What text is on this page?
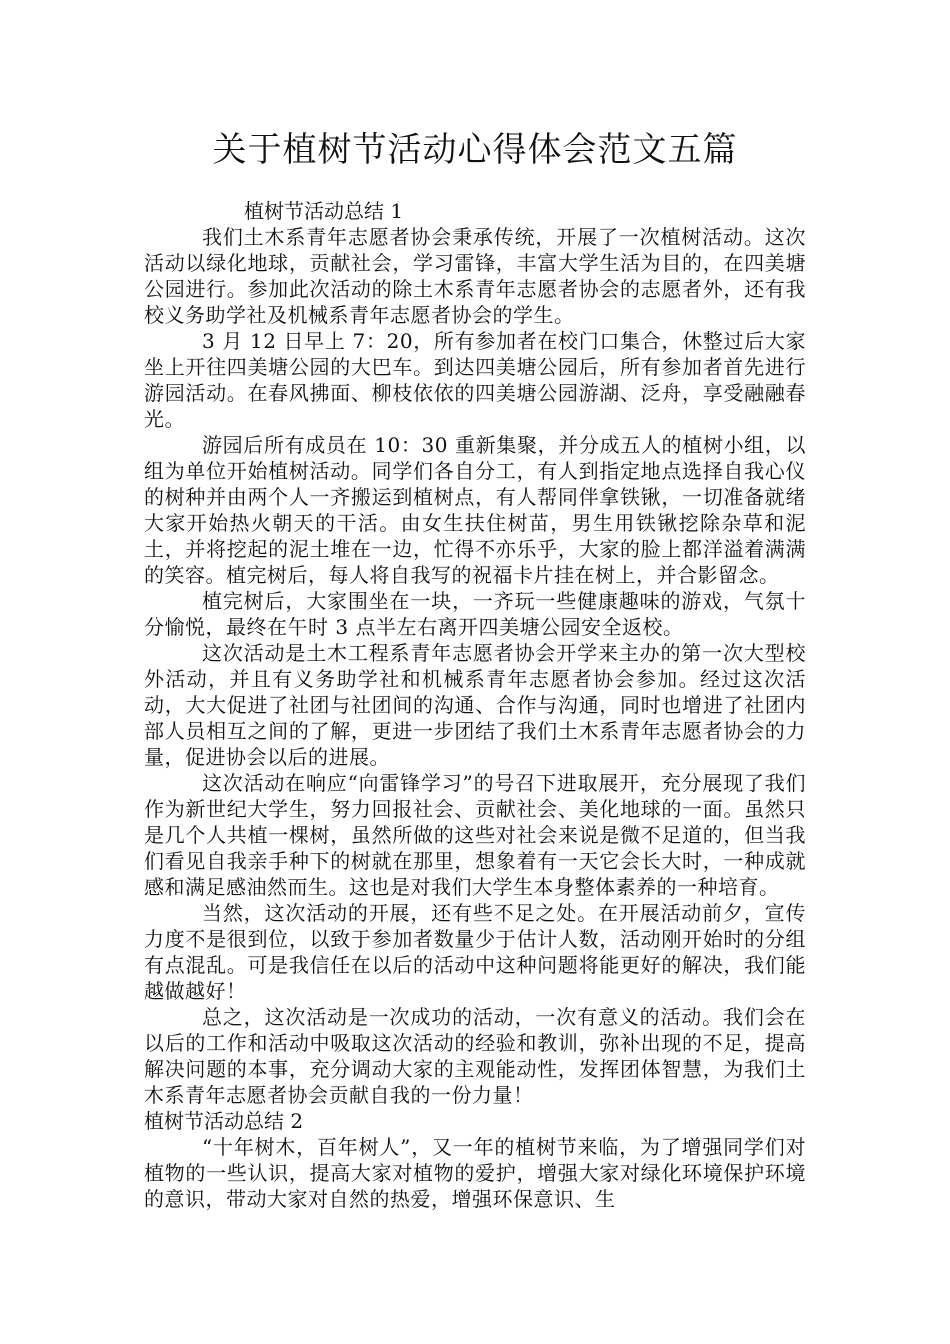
关于植树节活动心得体会范文五篇

植树节活动总结 1

我们土木系青年志愿者协会秉承传统，开展了一次植树活动。这次活动以绿化地球，贡献社会，学习雷锋，丰富大学生活为目的，在四美塘公园进行。参加此次活动的除土木系青年志愿者协会的志愿者外，还有我校义务助学社及机械系青年志愿者协会的学生。

3 月 12 日早上 7：20，所有参加者在校门口集合，休整过后大家坐上开往四美塘公园的大巴车。到达四美塘公园后，所有参加者首先进行游园活动。在春风拂面、柳枝依依的四美塘公园游湖、泛舟，享受融融春光。

游园后所有成员在 10：30 重新集聚，并分成五人的植树小组，以组为单位开始植树活动。同学们各自分工，有人到指定地点选择自我心仪的树种并由两个人一齐搬运到植树点，有人帮同伴拿铁锹，一切准备就绪大家开始热火朝天的干活。由女生扶住树苗，男生用铁锹挖除杂草和泥土，并将挖起的泥土堆在一边，忙得不亦乐乎，大家的脸上都洋溢着满满的笑容。植完树后，每人将自我写的祝福卡片挂在树上，并合影留念。

植完树后，大家围坐在一块，一齐玩一些健康趣味的游戏，气氛十分愉悦，最终在午时 3 点半左右离开四美塘公园安全返校。

这次活动是土木工程系青年志愿者协会开学来主办的第一次大型校外活动，并且有义务助学社和机械系青年志愿者协会参加。经过这次活动，大大促进了社团与社团间的沟通、合作与沟通，同时也增进了社团内部人员相互之间的了解，更进一步团结了我们土木系青年志愿者协会的力量，促进协会以后的进展。

这次活动在响应“向雷锋学习”的号召下进取展开，充分展现了我们作为新世纪大学生，努力回报社会、贡献社会、美化地球的一面。虽然只是几个人共植一棵树，虽然所做的这些对社会来说是微不足道的，但当我们看见自我亲手种下的树就在那里，想象着有一天它会长大时，一种成就感和满足感油然而生。这也是对我们大学生本身整体素养的一种培育。

当然，这次活动的开展，还有些不足之处。在开展活动前夕，宣传力度不是很到位，以致于参加者数量少于估计人数，活动刚开始时的分组有点混乱。可是我信任在以后的活动中这种问题将能更好的解决，我们能越做越好！

总之，这次活动是一次成功的活动，一次有意义的活动。我们会在以后的工作和活动中吸取这次活动的经验和教训，弥补出现的不足，提高解决问题的本事，充分调动大家的主观能动性，发挥团体智慧，为我们土木系青年志愿者协会贡献自我的一份力量！

植树节活动总结 2

“十年树木，百年树人”，又一年的植树节来临，为了增强同学们对植物的一些认识，提高大家对植物的爱护，增强大家对绿化环境保护环境的意识，带动大家对自然的热爱，增强环保意识、生
